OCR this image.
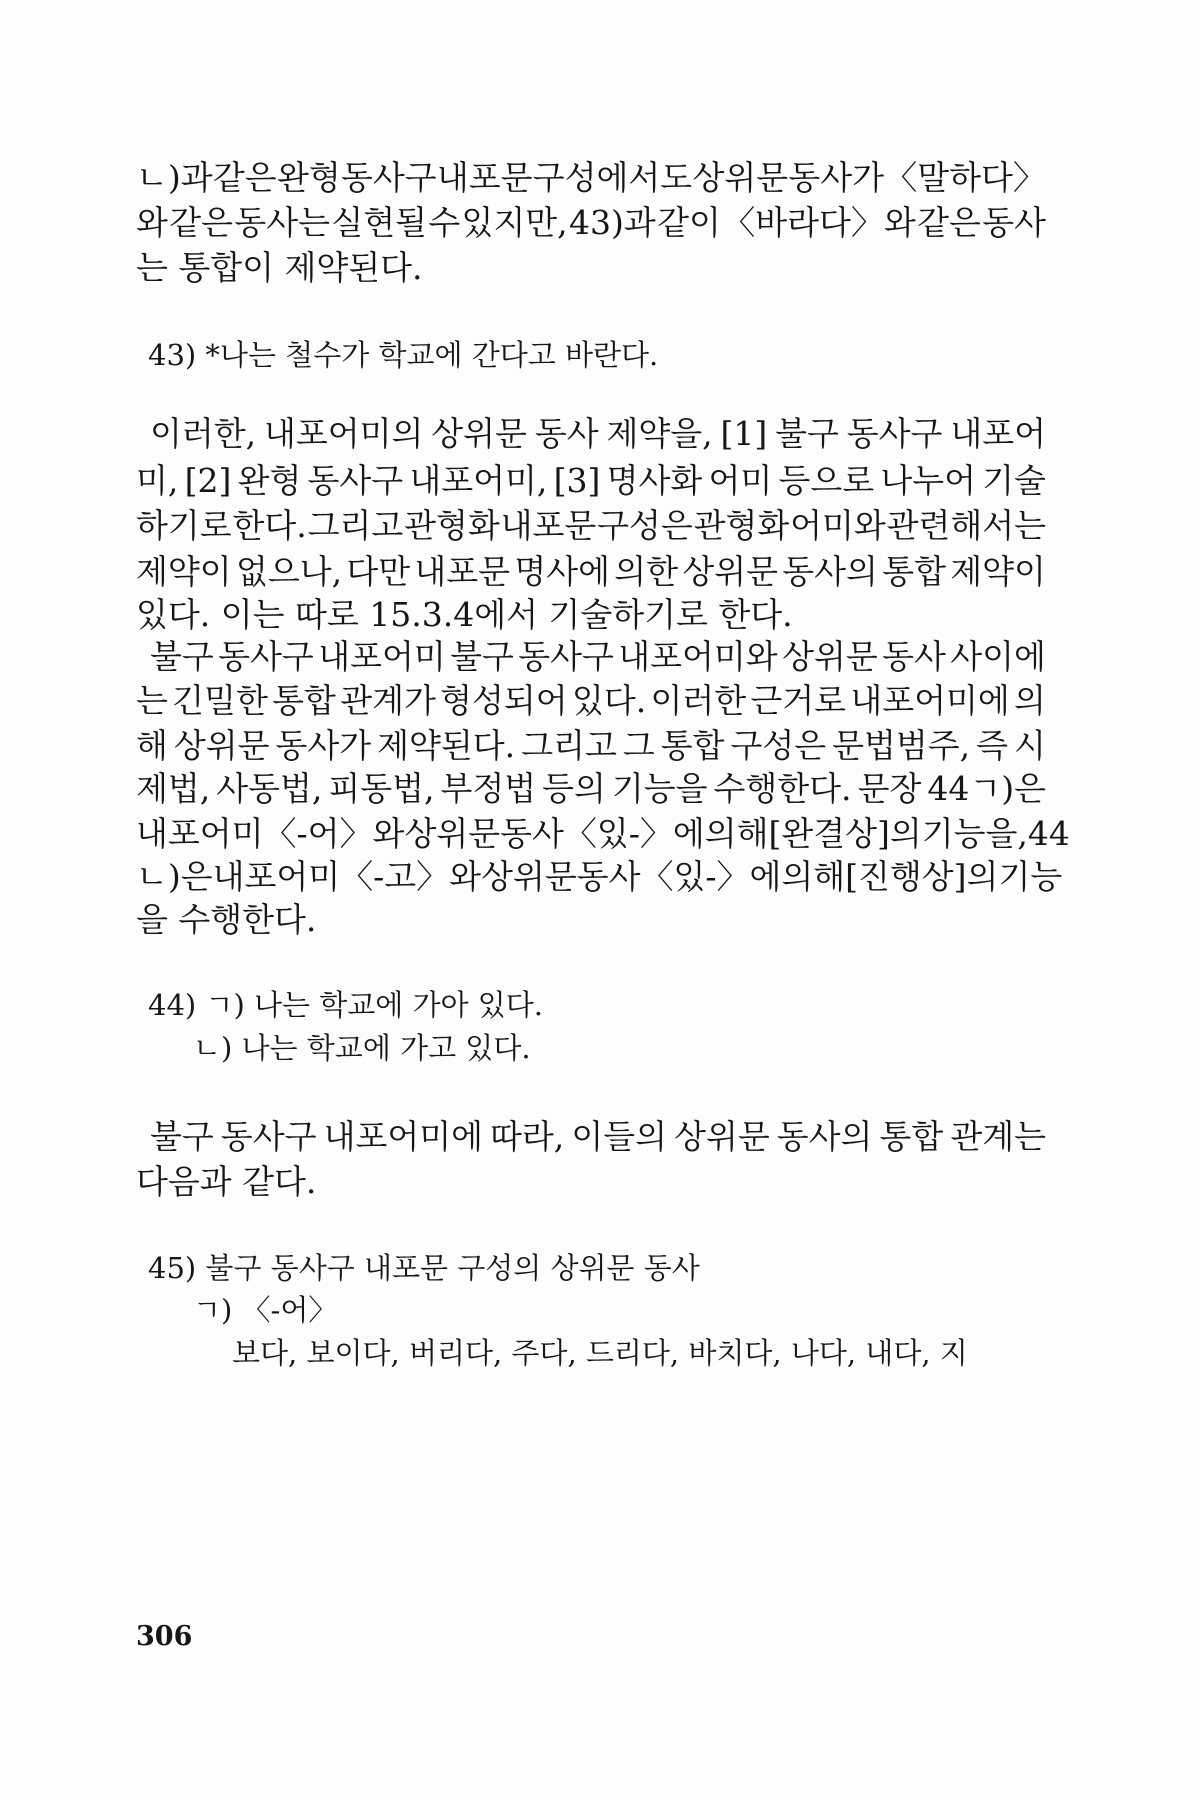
ㄴ)과 같은 완형 동사구 내포문 구성에서도 상위문 동사가 〈말하다〉
와 같은 동사는 실현될 수 있지만, 43)과 같이 〈바라다〉와 같은 동사
는 통합이 제약된다.
43) *나는 철수가 학교에 간다고 바란다.
이러한, 내포어미의 상위문 동사 제약을, [1] 불구 동사구 내포어
미, [2] 완형 동사구 내포어미, [3] 명사화 어미 등으로 나누어 기술
하기로 한다. 그리고 관형화 내포문 구성은 관형화 어미와 관련해서는
제약이 없으나, 다만 내포문 명사에 의한 상위문 동사의 통합 제약이
있다. 이는 따로 15.3.4에서 기술하기로 한다.
불구 동사구 내포어미 불구 동사구 내포어미와 상위문 동사 사이에
는 긴밀한 통합 관계가 형성되어 있다. 이러한 근거로 내포어미에 의
해 상위문 동사가 제약된다. 그리고 그 통합 구성은 문법범주, 즉 시
제법, 사동법, 피동법, 부정법 등의 기능을 수행한다. 문장 44ㄱ)은
내포어미 〈-어〉와 상위문 동사 〈있-〉에 의해 [완결상]의 기능을, 44
ㄴ)은 내포어미 〈-고〉와 상위문 동사 〈있-〉에 의해 [진행상]의 기능
을 수행한다.
44) ㄱ) 나는 학교에 가아 있다.
ㄴ) 나는 학교에 가고 있다.
불구 동사구 내포어미에 따라, 이들의 상위문 동사의 통합 관계는
다음과 같다.
45) 불구 동사구 내포문 구성의 상위문 동사
ㄱ) 〈-어〉
보다, 보이다, 버리다, 주다, 드리다, 바치다, 나다, 내다, 지
306
